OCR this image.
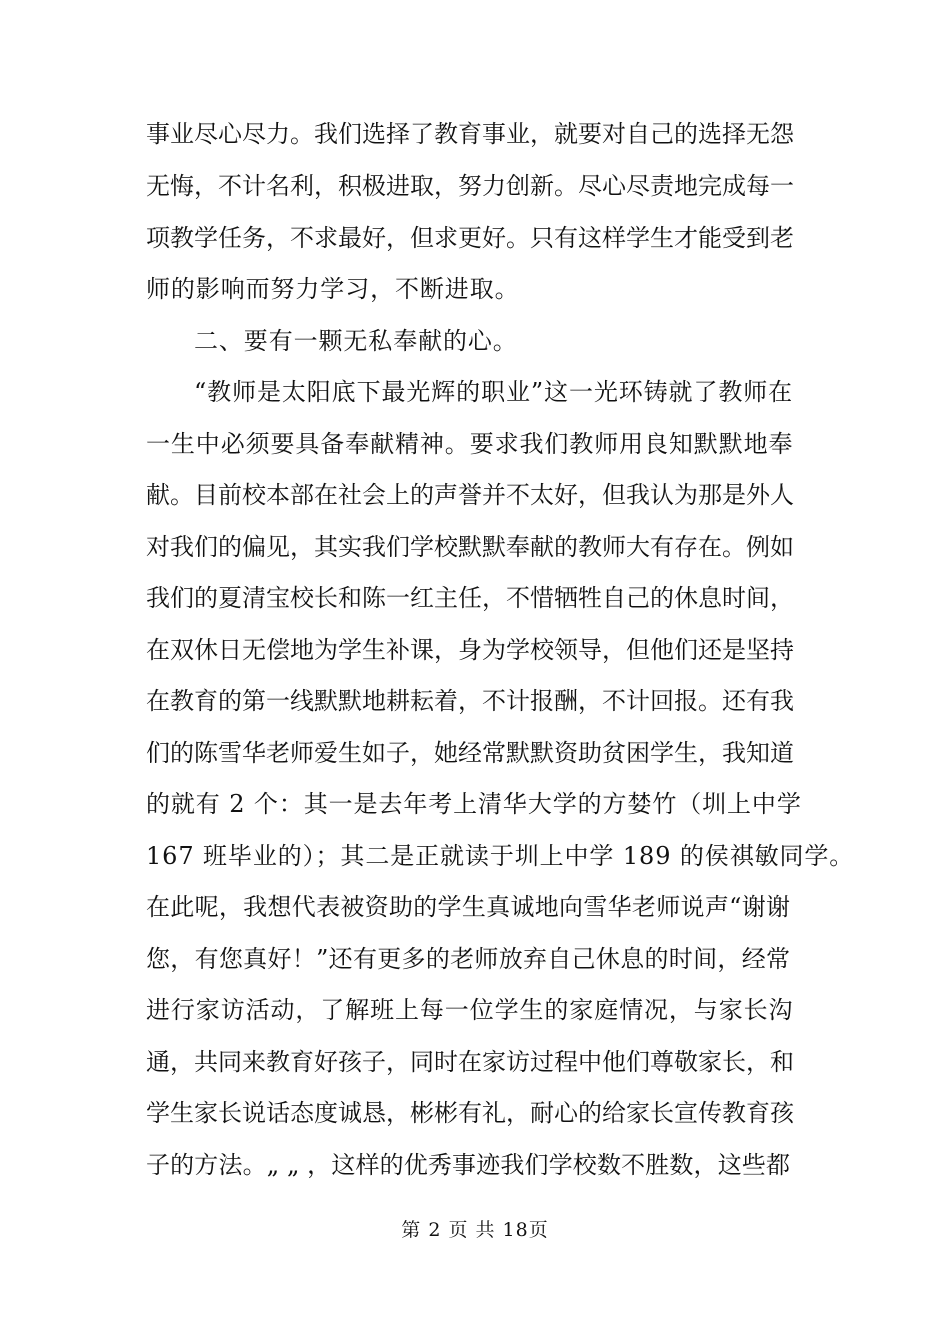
事业尽心尽力。我们选择了教育事业，就要对自己的选择无怨
无悔，不计名利，积极进取，努力创新。尽心尽责地完成每一
项教学任务，不求最好，但求更好。只有这样学生才能受到老
师的影响而努力学习，不断进取。
二、要有一颗无私奉献的心。
“教师是太阳底下最光辉的职业”这一光环铸就了教师在
一生中必须要具备奉献精神。要求我们教师用良知默默地奉
献。目前校本部在社会上的声誉并不太好，但我认为那是外人
对我们的偏见，其实我们学校默默奉献的教师大有存在。例如
我们的夏清宝校长和陈一红主任，不惜牺牲自己的休息时间，
在双休日无偿地为学生补课，身为学校领导，但他们还是坚持
在教育的第一线默默地耕耘着，不计报酬，不计回报。还有我
们的陈雪华老师爱生如子，她经常默默资助贫困学生，我知道
的就有 2 个：其一是去年考上清华大学的方婪竹（圳上中学
167 班毕业的）；其二是正就读于圳上中学 189 的侯祺敏同学。
在此呢，我想代表被资助的学生真诚地向雪华老师说声“谢谢
您，有您真好！”还有更多的老师放弃自己休息的时间，经常
进行家访活动，了解班上每一位学生的家庭情况，与家长沟
通，共同来教育好孩子，同时在家访过程中他们尊敬家长，和
学生家长说话态度诚恳，彬彬有礼，耐心的给家长宣传教育孩
子的方法。„ „ ，这样的优秀事迹我们学校数不胜数，这些都
第 2 页 共 18页
